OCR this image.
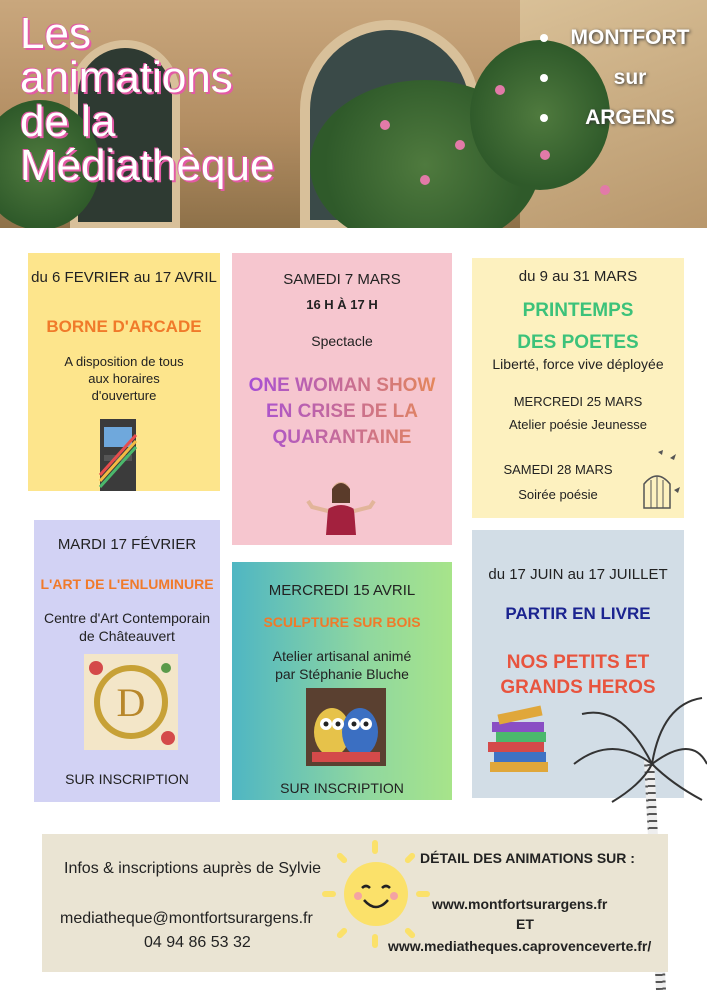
Les
animations
de la
Médiathèque
MONTFORT
sur
ARGENS

du 6 FEVRIER au 17 AVRIL

BORNE D'ARCADE

A disposition de tous

aux horaires

d'ouverture

SAMEDI 7 MARS

16 H À 17 H

Spectacle

ONE WOMAN SHOW

EN CRISE DE LA

QUARANTAINE

du 9 au 31 MARS

PRINTEMPS

DES POETES

Liberté, force vive déployée

MERCREDI 25 MARS

Atelier poésie Jeunesse

SAMEDI 28 MARS

Soirée poésie

MARDI 17 FÉVRIER

L'ART DE L'ENLUMINURE

Centre d'Art Contemporain

de Châteauvert

D

SUR INSCRIPTION

MERCREDI 15 AVRIL

SCULPTURE SUR BOIS

Atelier artisanal animé

par Stéphanie Bluche

SUR INSCRIPTION

du 17 JUIN au 17 JUILLET

PARTIR EN LIVRE

NOS PETITS ET

GRANDS HEROS

Infos & inscriptions auprès de Sylvie

mediatheque@montfortsurargens.fr

04 94 86 53 32

DÉTAIL DES ANIMATIONS SUR :

www.montfortsurargens.fr

ET

www.mediatheques.caprovenceverte.fr/
